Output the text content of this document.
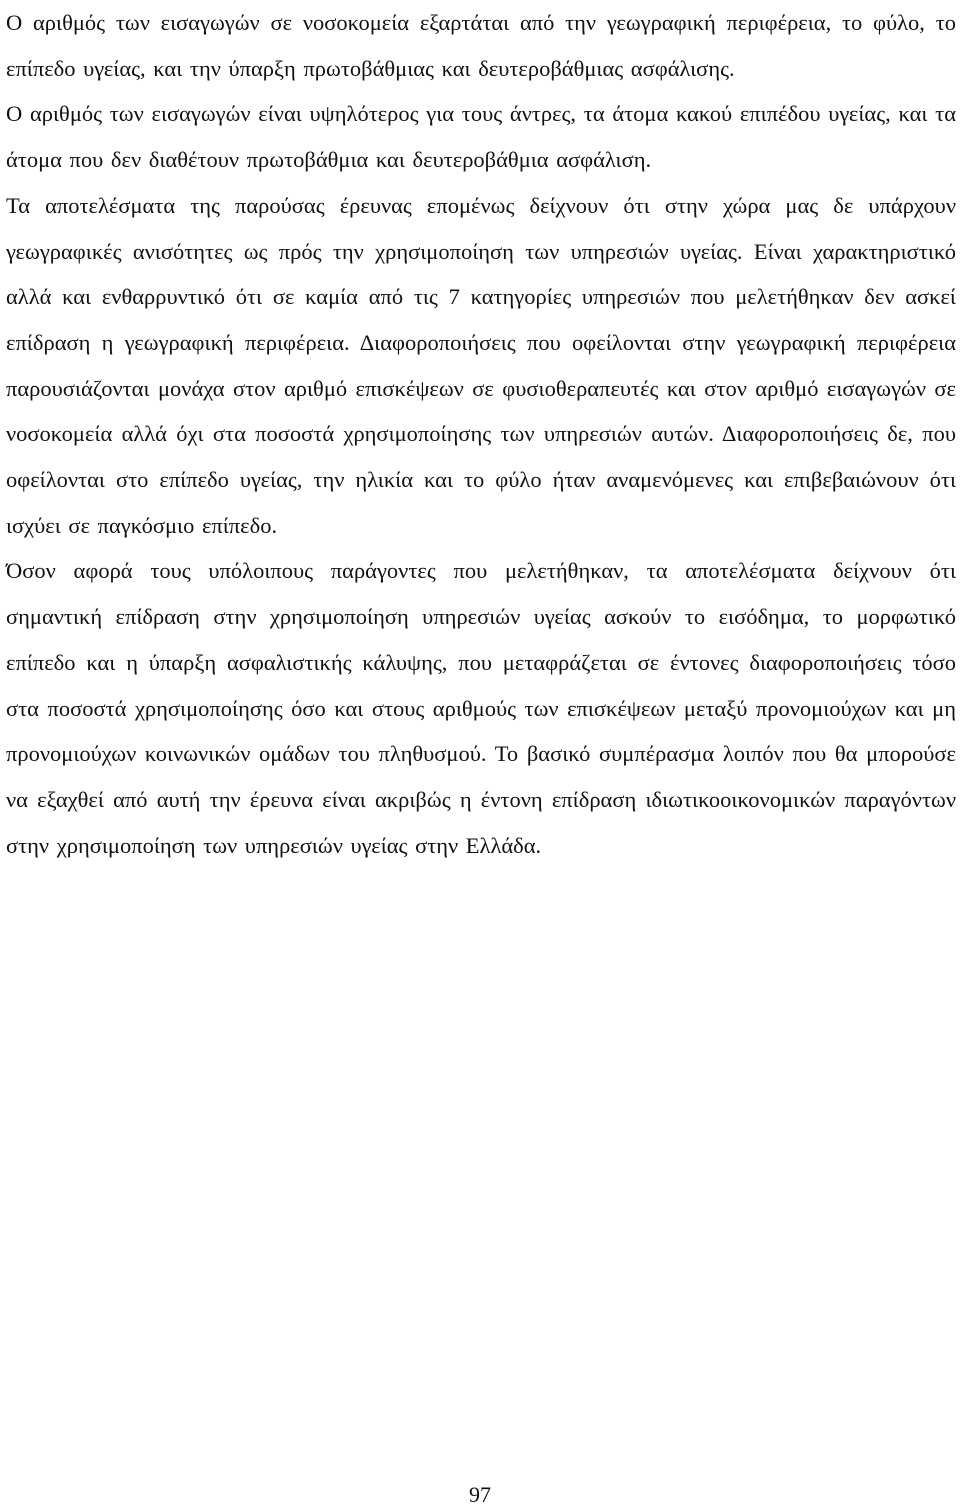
Ο αριθμός των εισαγωγών σε νοσοκομεία εξαρτάται από την γεωγραφική περιφέρεια, το φύλο, το επίπεδο υγείας, και την ύπαρξη πρωτοβάθμιας και δευτεροβάθμιας ασφάλισης.

Ο αριθμός των εισαγωγών είναι υψηλότερος για τους άντρες, τα άτομα κακού επιπέδου υγείας, και τα άτομα που δεν διαθέτουν πρωτοβάθμια και δευτεροβάθμια ασφάλιση.

Τα αποτελέσματα της παρούσας έρευνας επομένως δείχνουν ότι στην χώρα μας δε υπάρχουν γεωγραφικές ανισότητες ως πρός την χρησιμοποίηση των υπηρεσιών υγείας. Είναι χαρακτηριστικό αλλά και ενθαρρυντικό ότι σε καμία από τις 7 κατηγορίες υπηρεσιών που μελετήθηκαν δεν ασκεί επίδραση η γεωγραφική περιφέρεια. Διαφοροποιήσεις που οφείλονται στην γεωγραφική περιφέρεια παρουσιάζονται μονάχα στον αριθμό επισκέψεων σε φυσιοθεραπευτές και στον αριθμό εισαγωγών σε νοσοκομεία αλλά όχι στα ποσοστά χρησιμοποίησης των υπηρεσιών αυτών. Διαφοροποιήσεις δε, που οφείλονται στο επίπεδο υγείας, την ηλικία και το φύλο ήταν αναμενόμενες και επιβεβαιώνουν ότι ισχύει σε παγκόσμιο επίπεδο.

Όσον αφορά τους υπόλοιπους παράγοντες που μελετήθηκαν, τα αποτελέσματα δείχνουν ότι σημαντική επίδραση στην χρησιμοποίηση υπηρεσιών υγείας ασκούν το εισόδημα, το μορφωτικό επίπεδο και η ύπαρξη ασφαλιστικής κάλυψης, που μεταφράζεται σε έντονες διαφοροποιήσεις τόσο στα ποσοστά χρησιμοποίησης όσο και στους αριθμούς των επισκέψεων μεταξύ προνομιούχων και μη προνομιούχων κοινωνικών ομάδων του πληθυσμού. Το βασικό συμπέρασμα λοιπόν που θα μπορούσε να εξαχθεί από αυτή την έρευνα είναι ακριβώς η έντονη επίδραση ιδιωτικοοικονομικών παραγόντων στην χρησιμοποίηση των υπηρεσιών υγείας στην Ελλάδα.

97
